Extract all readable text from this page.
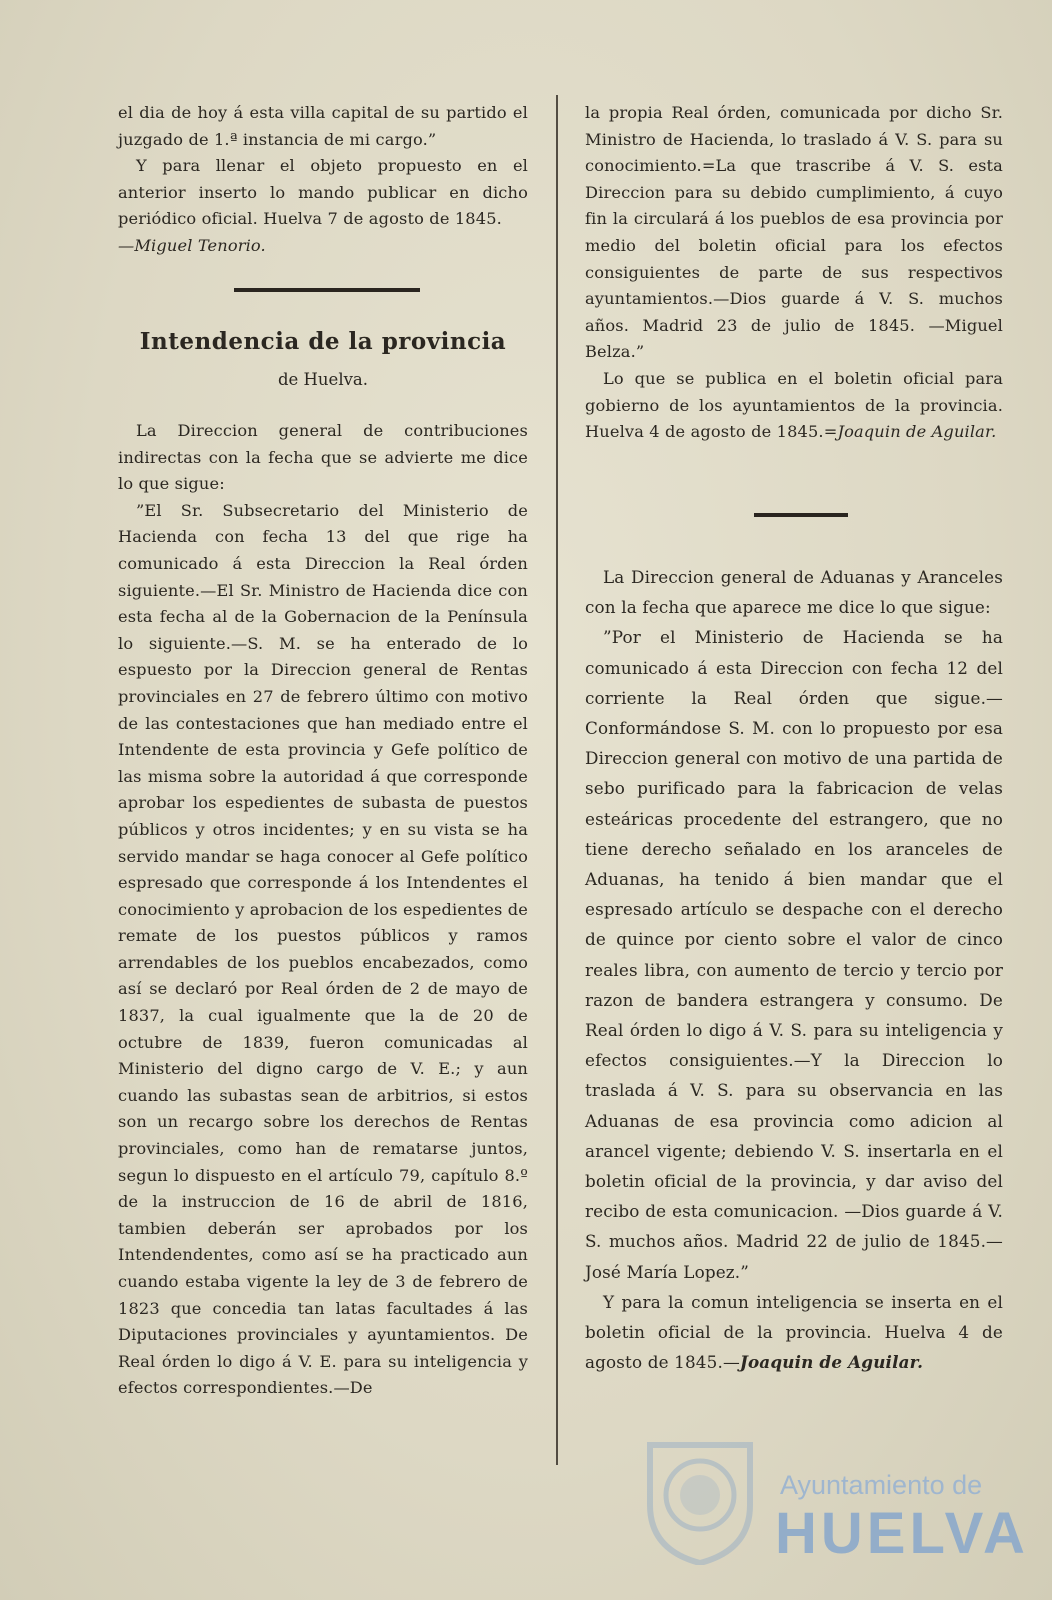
el dia de hoy á esta villa capital de su partido el juzgado de 1.ª instancia de mi cargo.”

Y para llenar el objeto propuesto en el anterior inserto lo mando publicar en dicho periódico oficial. Huelva 7 de agosto de 1845.

—Miguel Tenorio.

Intendencia de la provincia
de Huelva.

La Direccion general de contribuciones indirectas con la fecha que se advierte me dice lo que sigue:

”El Sr. Subsecretario del Ministerio de Hacienda con fecha 13 del que rige ha comunicado á esta Direccion la Real órden siguiente.—El Sr. Ministro de Hacienda dice con esta fecha al de la Gobernacion de la Península lo siguiente.—S. M. se ha enterado de lo espuesto por la Direccion general de Rentas provinciales en 27 de febrero último con motivo de las contestaciones que han mediado entre el Intendente de esta provincia y Gefe político de las misma sobre la autoridad á que corresponde aprobar los espedientes de subasta de puestos públicos y otros incidentes; y en su vista se ha servido mandar se haga conocer al Gefe político espresado que corresponde á los Intendentes el conocimiento y aprobacion de los espedientes de remate de los puestos públicos y ramos arrendables de los pueblos encabezados, como así se declaró por Real órden de 2 de mayo de 1837, la cual igualmente que la de 20 de octubre de 1839, fueron comunicadas al Ministerio del digno cargo de V. E.; y aun cuando las subastas sean de arbitrios, si estos son un recargo sobre los derechos de Rentas provinciales, como han de rematarse juntos, segun lo dispuesto en el artículo 79, capítulo 8.º de la instruccion de 16 de abril de 1816, tambien deberán ser aprobados por los Intendendentes, como así se ha practicado aun cuando estaba vigente la ley de 3 de febrero de 1823 que concedia tan latas facultades á las Diputaciones provinciales y ayuntamientos. De Real órden lo digo á V. E. para su inteligencia y efectos correspondientes.—De

la propia Real órden, comunicada por dicho Sr. Ministro de Hacienda, lo traslado á V. S. para su conocimiento.=La que trascribe á V. S. esta Direccion para su debido cumplimiento, á cuyo fin la circulará á los pueblos de esa provincia por medio del boletin oficial para los efectos consiguientes de parte de sus respectivos ayuntamientos.—Dios guarde á V. S. muchos años. Madrid 23 de julio de 1845. —Miguel Belza.”

Lo que se publica en el boletin oficial para gobierno de los ayuntamientos de la provincia. Huelva 4 de agosto de 1845.=Joaquin de Aguilar.

La Direccion general de Aduanas y Aranceles con la fecha que aparece me dice lo que sigue:

”Por el Ministerio de Hacienda se ha comunicado á esta Direccion con fecha 12 del corriente la Real órden que sigue.—Conformándose S. M. con lo propuesto por esa Direccion general con motivo de una partida de sebo purificado para la fabricacion de velas esteáricas procedente del estrangero, que no tiene derecho señalado en los aranceles de Aduanas, ha tenido á bien mandar que el espresado artículo se despache con el derecho de quince por ciento sobre el valor de cinco reales libra, con aumento de tercio y tercio por razon de bandera estrangera y consumo. De Real órden lo digo á V. S. para su inteligencia y efectos consiguientes.—Y la Direccion lo traslada á V. S. para su observancia en las Aduanas de esa provincia como adicion al arancel vigente; debiendo V. S. insertarla en el boletin oficial de la provincia, y dar aviso del recibo de esta comunicacion. —Dios guarde á V. S. muchos años. Madrid 22 de julio de 1845.—José María Lopez.”

Y para la comun inteligencia se inserta en el boletin oficial de la provincia. Huelva 4 de agosto de 1845.—Joaquin de Aguilar.

Ayuntamiento de
HUELVA
